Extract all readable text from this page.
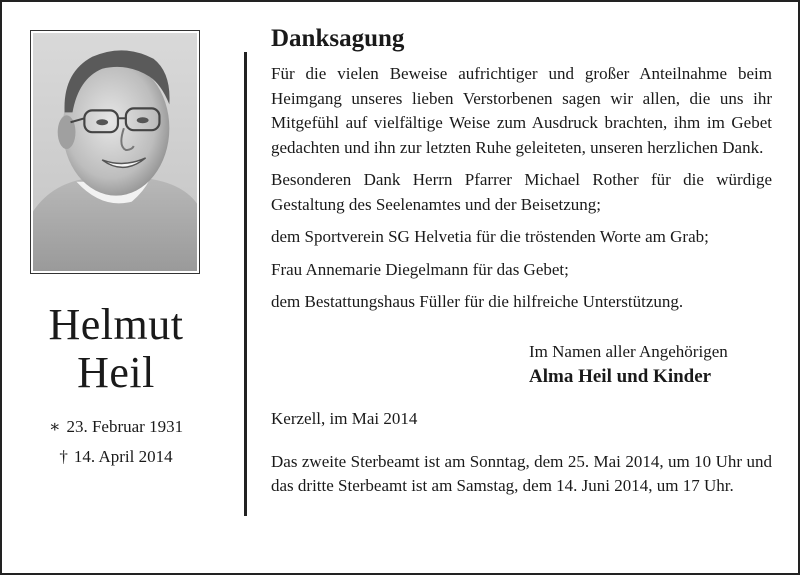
Helmut
Heil
∗ 23. Februar 1931
† 14. April 2014
Danksagung

Für die vielen Beweise aufrichtiger und großer Anteilnahme beim Heimgang unseres lieben Verstorbenen sagen wir allen, die uns ihr Mitgefühl auf vielfältige Weise zum Ausdruck brachten, ihm im Gebet gedachten und ihn zur letzten Ruhe geleiteten, unseren herzlichen Dank.

Besonderen Dank Herrn Pfarrer Michael Rother für die würdige Gestaltung des Seelenamtes und der Beisetzung;

dem Sportverein SG Helvetia für die tröstenden Worte am Grab;

Frau Annemarie Diegelmann für das Gebet;

dem Bestattungshaus Füller für die hilfreiche Unterstützung.

Im Namen aller Angehörigen
Alma Heil und Kinder
Kerzell, im Mai 2014

Das zweite Sterbeamt ist am Sonntag, dem 25. Mai 2014, um 10 Uhr und das dritte Sterbeamt ist am Samstag, dem 14. Juni 2014, um 17 Uhr.
